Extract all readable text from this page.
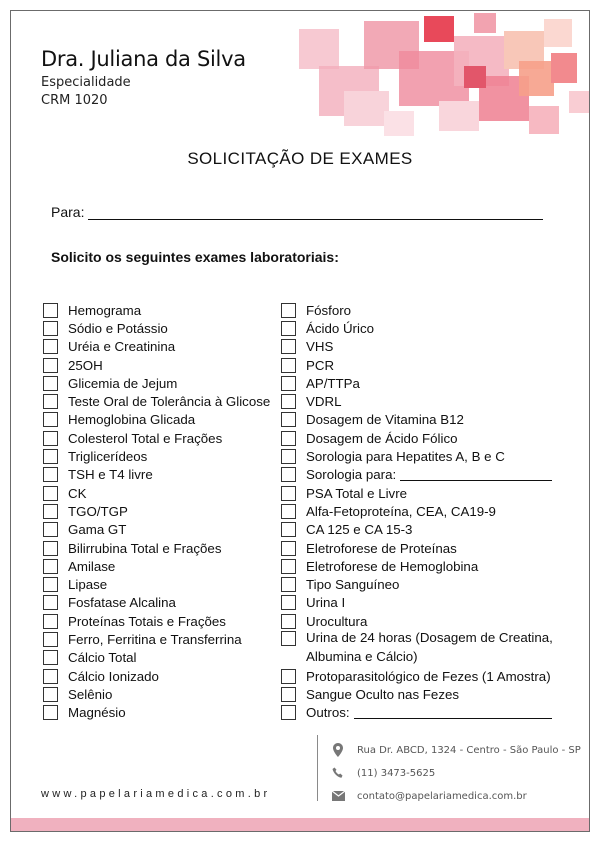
Dra. Juliana da Silva
Especialidade
CRM 1020
SOLICITAÇÃO DE EXAMES
Para:
Solicito os seguintes exames laboratoriais:
Hemograma
Sódio e Potássio
Uréia e Creatinina
25OH
Glicemia de Jejum
Teste Oral de Tolerância à Glicose
Hemoglobina Glicada
Colesterol Total e Frações
Triglicerídeos
TSH e T4 livre
CK
TGO/TGP
Gama GT
Bilirrubina Total e Frações
Amilase
Lipase
Fosfatase Alcalina
Proteínas Totais e Frações
Ferro, Ferritina e Transferrina
Cálcio Total
Cálcio Ionizado
Selênio
Magnésio
Fósforo
Ácido Úrico
VHS
PCR
AP/TTPa
VDRL
Dosagem de Vitamina B12
Dosagem de Ácido Fólico
Sorologia para Hepatites A, B e C
Sorologia para:
PSA Total e Livre
Alfa-Fetoproteína, CEA, CA19-9
CA 125 e CA 15-3
Eletroforese de Proteínas
Eletroforese de Hemoglobina
Tipo Sanguíneo
Urina I
Urocultura
Urina de 24 horas (Dosagem de Creatina, Albumina e Cálcio)
Protoparasitológico de Fezes (1 Amostra)
Sangue Oculto nas Fezes
Outros:
Rua Dr. ABCD, 1324 - Centro - São Paulo - SP
(11) 3473-5625
contato@papelariamedica.com.br
www.papelariamedica.com.br
